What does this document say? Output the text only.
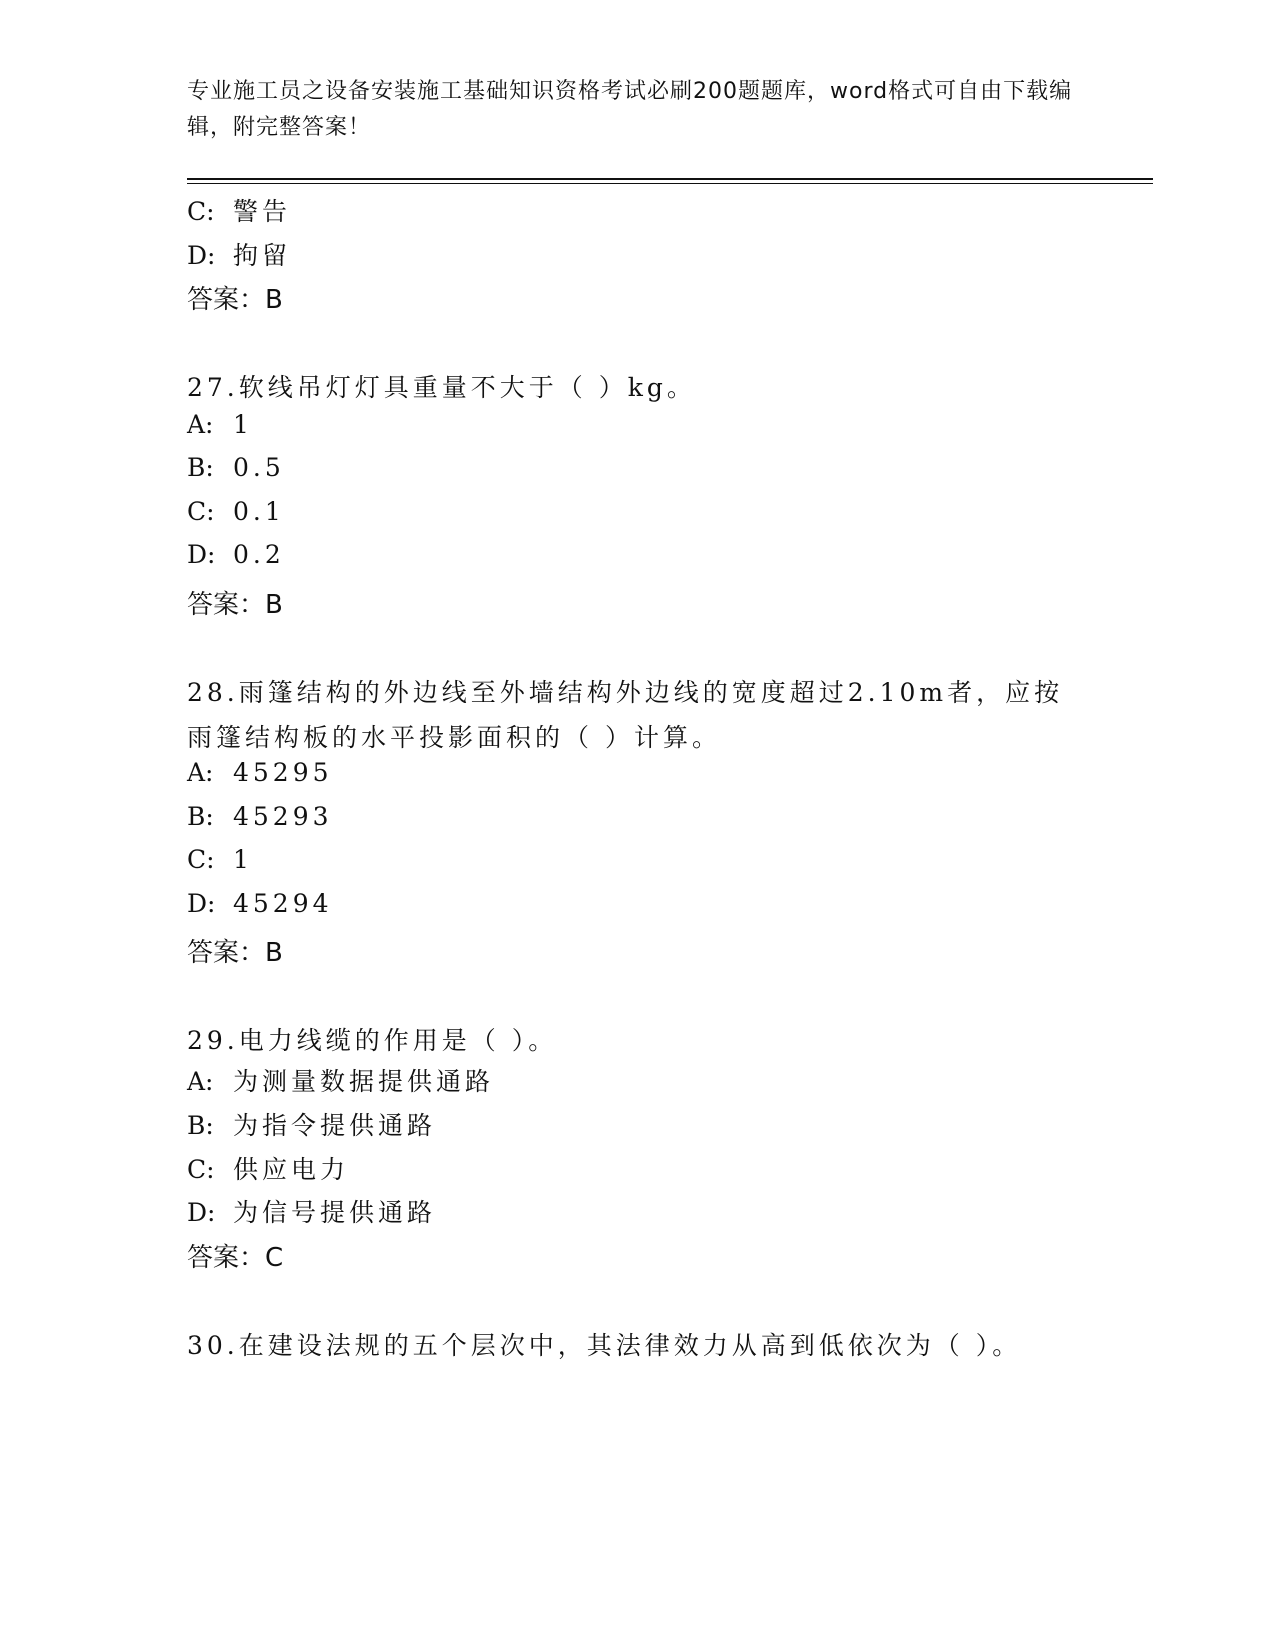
专业施工员之设备安装施工基础知识资格考试必刷200题题库，word格式可自由下载编辑，附完整答案！
C: 警告
D: 拘留
答案：B
27.软线吊灯灯具重量不大于（ ）kg。
A: 1
B: 0.5
C: 0.1
D: 0.2
答案：B
28.雨篷结构的外边线至外墙结构外边线的宽度超过2.10m者，应按雨篷结构板的水平投影面积的（ ）计算。
A: 45295
B: 45293
C: 1
D: 45294
答案：B
29.电力线缆的作用是（ ）。
A: 为测量数据提供通路
B: 为指令提供通路
C: 供应电力
D: 为信号提供通路
答案：C
30.在建设法规的五个层次中，其法律效力从高到低依次为（ ）。
